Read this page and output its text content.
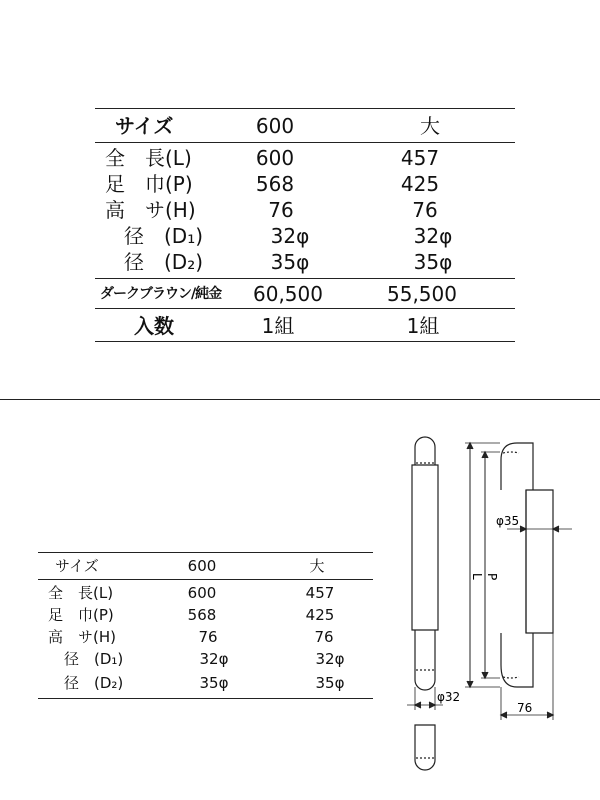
サイズ	600	大
全　長(L)	600	457
足　巾(P)	568	425
高　サ(H)	76	76
径　(D₁)	32φ	32φ
径　(D₂)	35φ	35φ
ダークブラウン/純金	60,500	55,500
入数	1組	1組
サイズ	600	大
全　長(L)	600	457
足　巾(P)	568	425
高　サ(H)	76	76
径　(D₁)	32φ	32φ
径　(D₂)	35φ	35φ
L P
φ35
φ32
76
